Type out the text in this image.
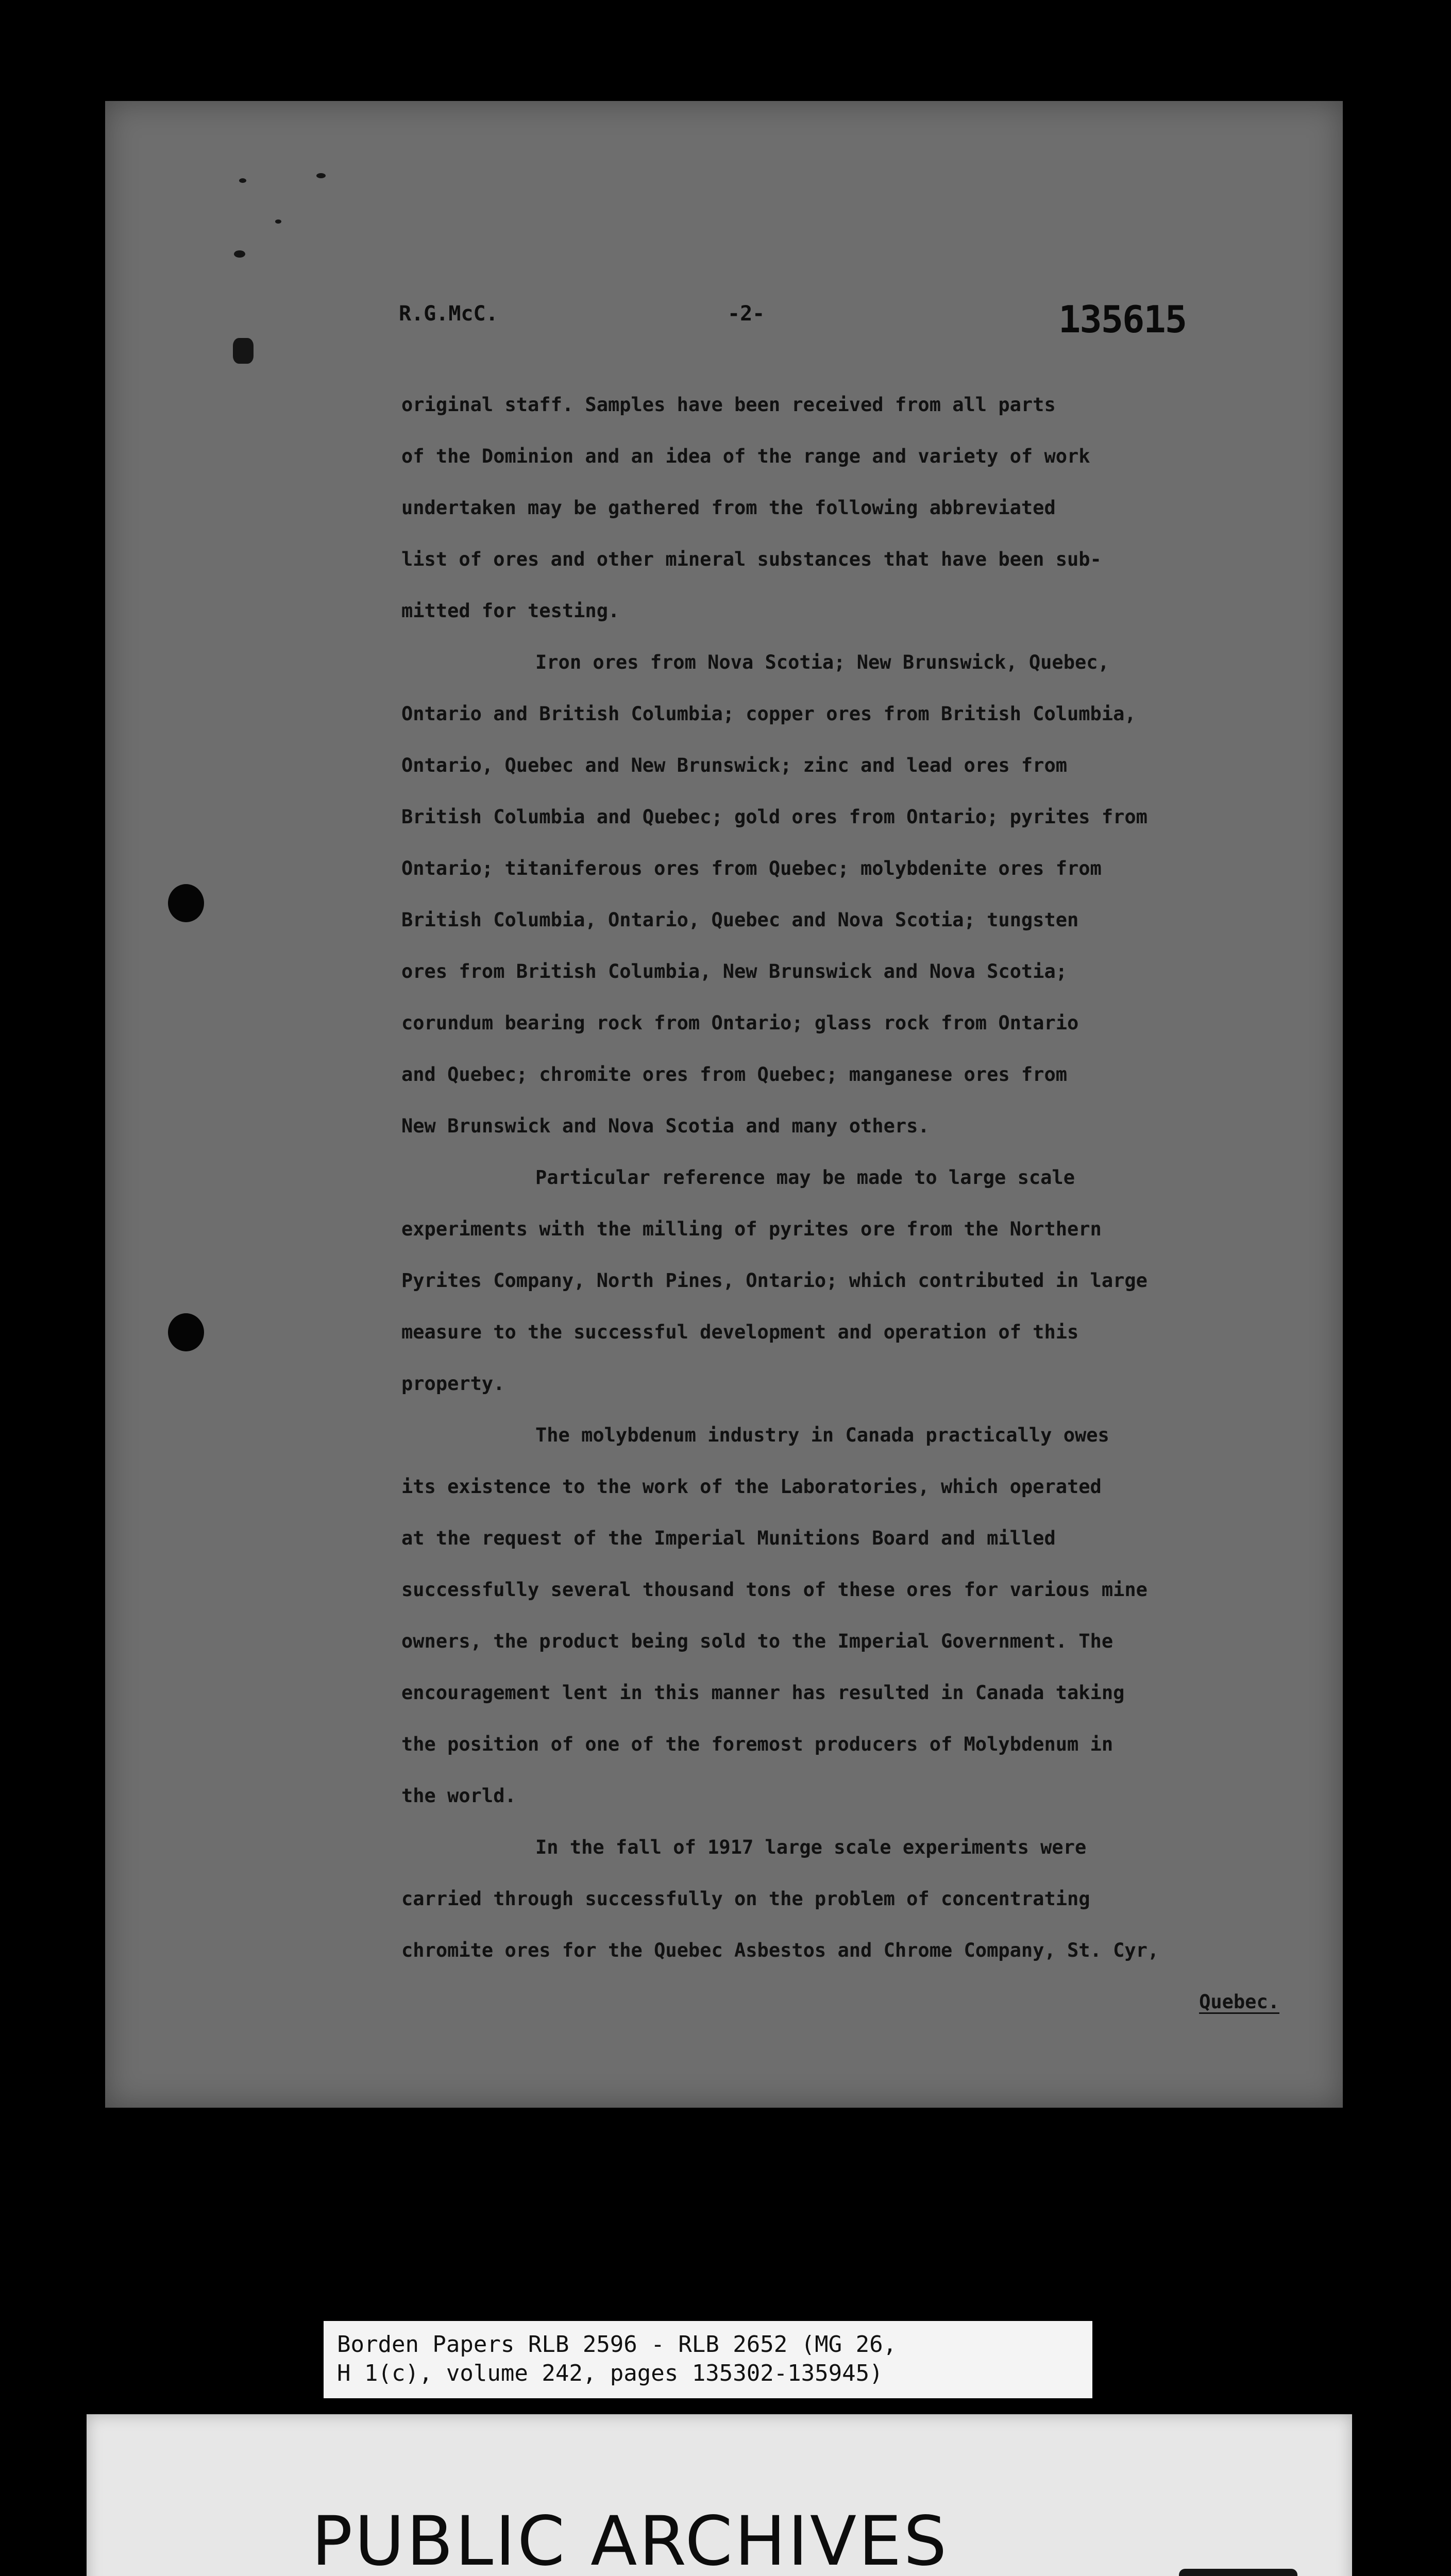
R.G.McC.	-2-	135615
original staff. Samples have been received from all parts
of the Dominion and an idea of the range and variety of work
undertaken may be gathered from the following abbreviated
list of ores and other mineral substances that have been sub-
mitted for testing.
Iron ores from Nova Scotia; New Brunswick, Quebec,
Ontario and British Columbia; copper ores from British Columbia,
Ontario, Quebec and New Brunswick; zinc and lead ores from
British Columbia and Quebec; gold ores from Ontario; pyrites from
Ontario; titaniferous ores from Quebec; molybdenite ores from
British Columbia, Ontario, Quebec and Nova Scotia; tungsten
ores from British Columbia, New Brunswick and Nova Scotia;
corundum bearing rock from Ontario; glass rock from Ontario
and Quebec; chromite ores from Quebec; manganese ores from
New Brunswick and Nova Scotia and many others.
Particular reference may be made to large scale
experiments with the milling of pyrites ore from the Northern
Pyrites Company, North Pines, Ontario; which contributed in large
measure to the successful development and operation of this
property.
The molybdenum industry in Canada practically owes
its existence to the work of the Laboratories, which operated
at the request of the Imperial Munitions Board and milled
successfully several thousand tons of these ores for various mine
owners, the product being sold to the Imperial Government. The
encouragement lent in this manner has resulted in Canada taking
the position of one of the foremost producers of Molybdenum in
the world.
In the fall of 1917 large scale experiments were
carried through successfully on the problem of concentrating
chromite ores for the Quebec Asbestos and Chrome Company, St. Cyr,
Quebec.
Borden Papers RLB 2596 - RLB 2652 (MG 26,
H 1(c), volume 242, pages 135302-135945)
PUBLIC ARCHIVES
